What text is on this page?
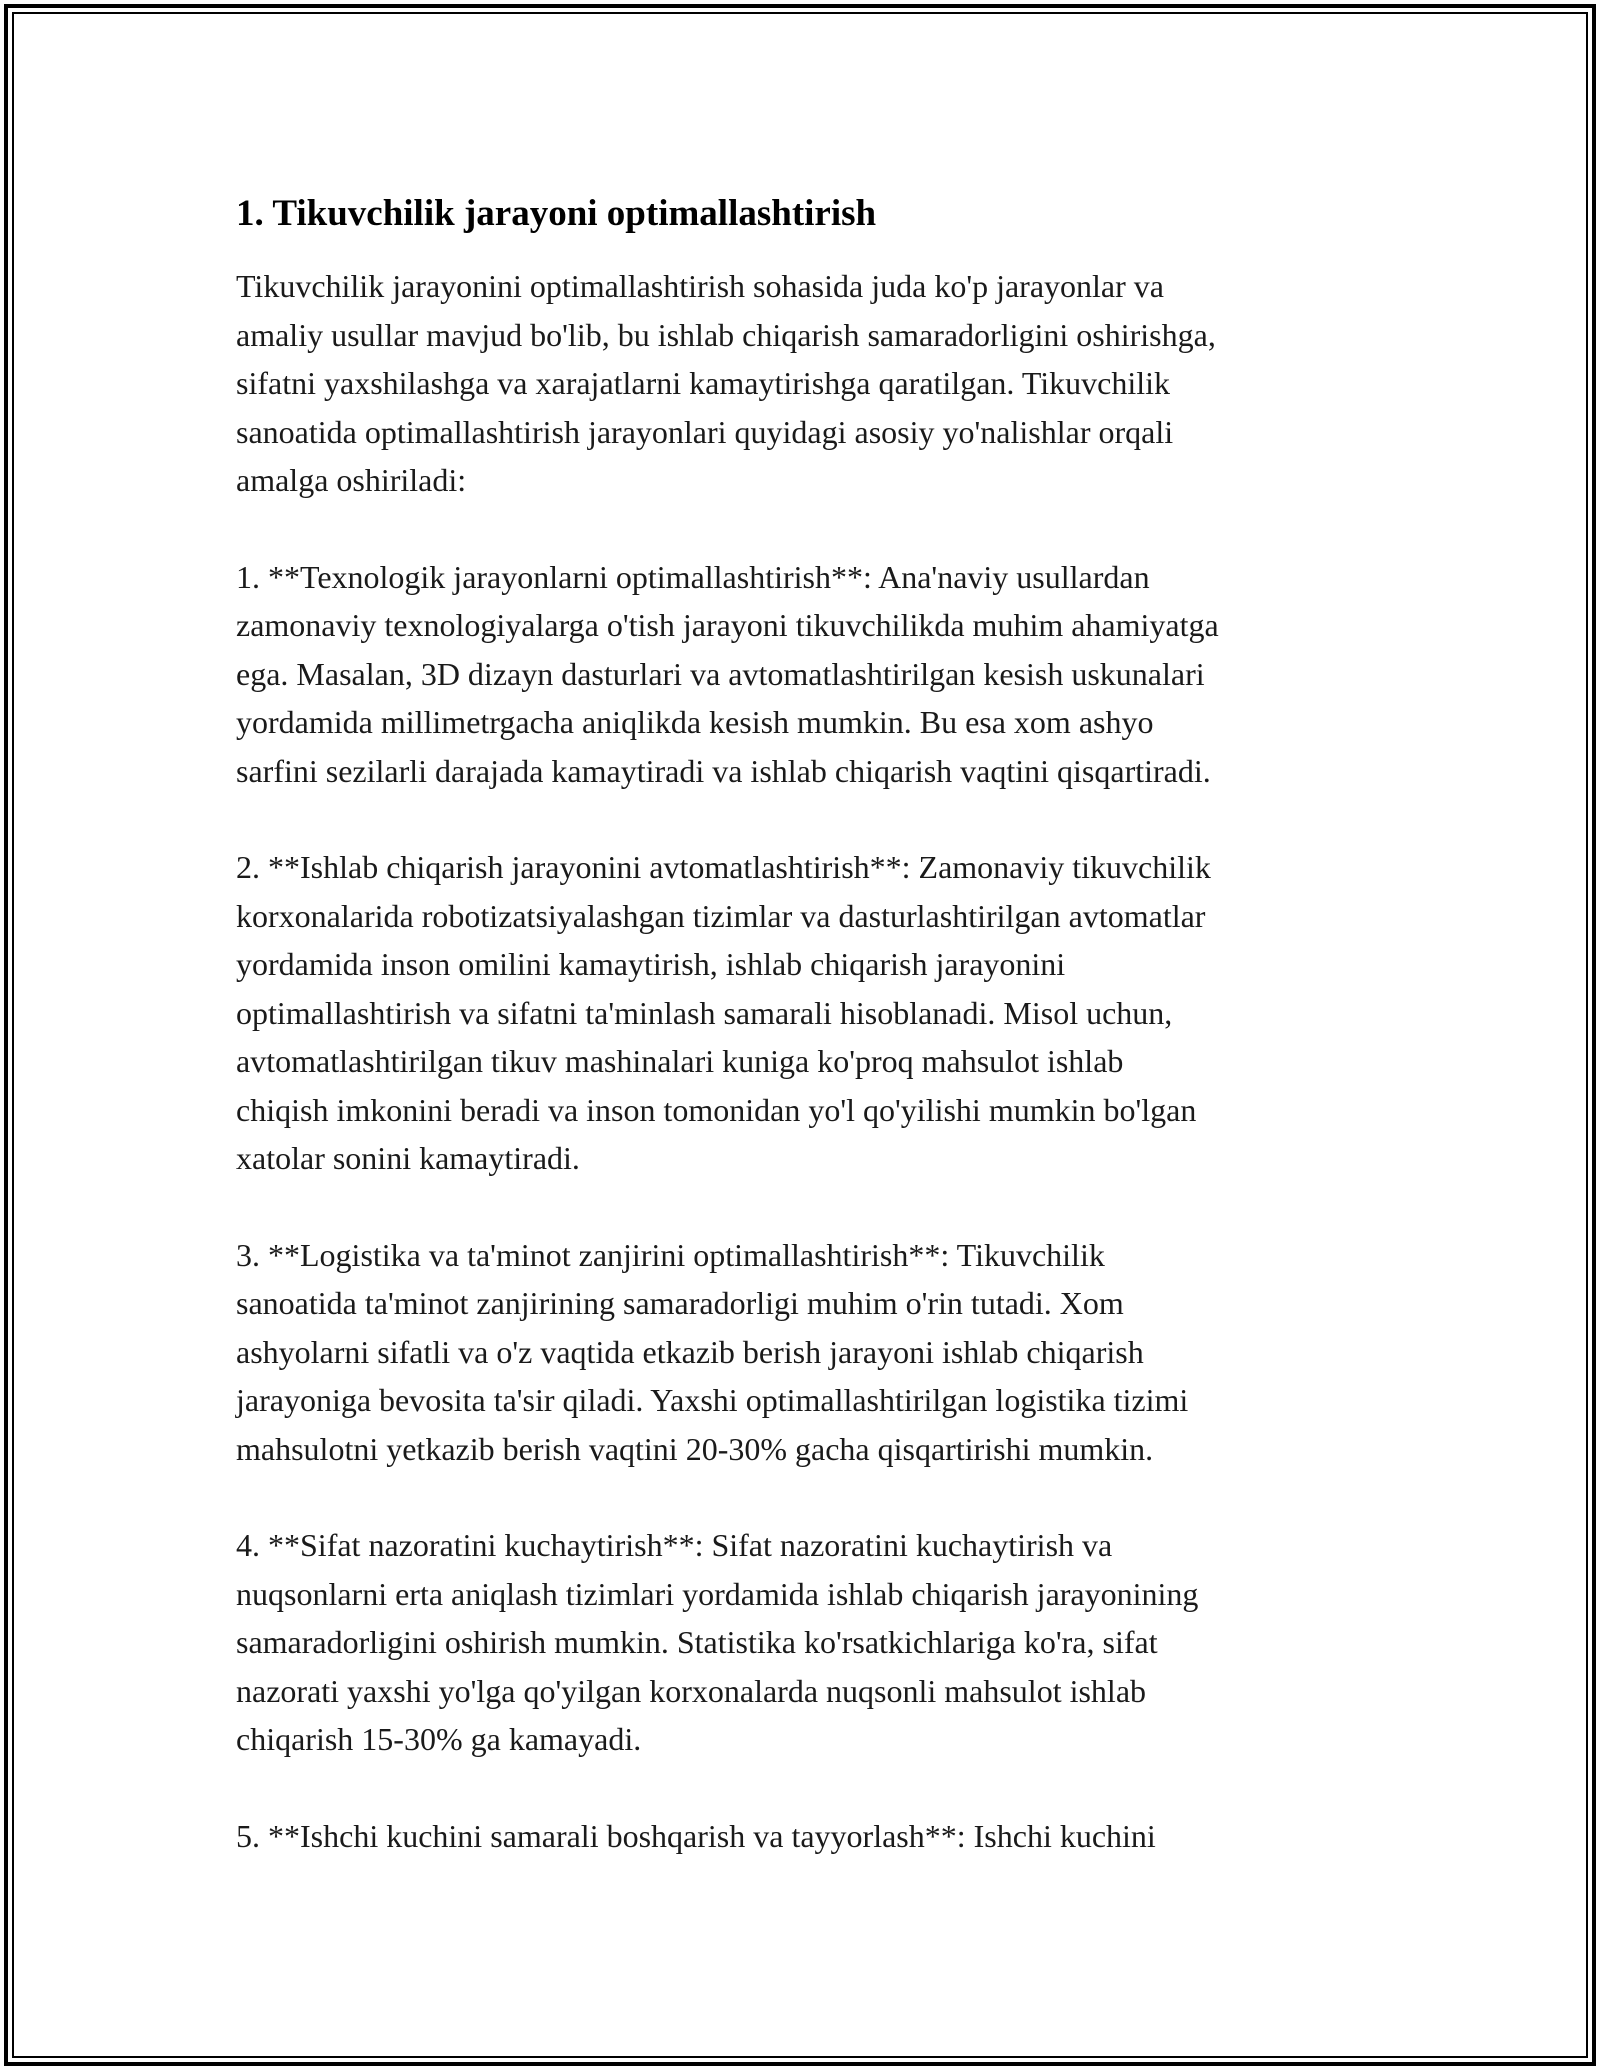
1. Tikuvchilik jarayoni optimallashtirish

Tikuvchilik jarayonini optimallashtirish sohasida juda ko'p jarayonlar va
amaliy usullar mavjud bo'lib, bu ishlab chiqarish samaradorligini oshirishga,
sifatni yaxshilashga va xarajatlarni kamaytirishga qaratilgan. Tikuvchilik
sanoatida optimallashtirish jarayonlari quyidagi asosiy yo'nalishlar orqali
amalga oshiriladi:

1. **Texnologik jarayonlarni optimallashtirish**: Ana'naviy usullardan
zamonaviy texnologiyalarga o'tish jarayoni tikuvchilikda muhim ahamiyatga
ega. Masalan, 3D dizayn dasturlari va avtomatlashtirilgan kesish uskunalari
yordamida millimetrgacha aniqlikda kesish mumkin. Bu esa xom ashyo
sarfini sezilarli darajada kamaytiradi va ishlab chiqarish vaqtini qisqartiradi.

2. **Ishlab chiqarish jarayonini avtomatlashtirish**: Zamonaviy tikuvchilik
korxonalarida robotizatsiyalashgan tizimlar va dasturlashtirilgan avtomatlar
yordamida inson omilini kamaytirish, ishlab chiqarish jarayonini
optimallashtirish va sifatni ta'minlash samarali hisoblanadi. Misol uchun,
avtomatlashtirilgan tikuv mashinalari kuniga ko'proq mahsulot ishlab
chiqish imkonini beradi va inson tomonidan yo'l qo'yilishi mumkin bo'lgan
xatolar sonini kamaytiradi.

3. **Logistika va ta'minot zanjirini optimallashtirish**: Tikuvchilik
sanoatida ta'minot zanjirining samaradorligi muhim o'rin tutadi. Xom
ashyolarni sifatli va o'z vaqtida etkazib berish jarayoni ishlab chiqarish
jarayoniga bevosita ta'sir qiladi. Yaxshi optimallashtirilgan logistika tizimi
mahsulotni yetkazib berish vaqtini 20-30% gacha qisqartirishi mumkin.

4. **Sifat nazoratini kuchaytirish**: Sifat nazoratini kuchaytirish va
nuqsonlarni erta aniqlash tizimlari yordamida ishlab chiqarish jarayonining
samaradorligini oshirish mumkin. Statistika ko'rsatkichlariga ko'ra, sifat
nazorati yaxshi yo'lga qo'yilgan korxonalarda nuqsonli mahsulot ishlab
chiqarish 15-30% ga kamayadi.

5. **Ishchi kuchini samarali boshqarish va tayyorlash**: Ishchi kuchini
